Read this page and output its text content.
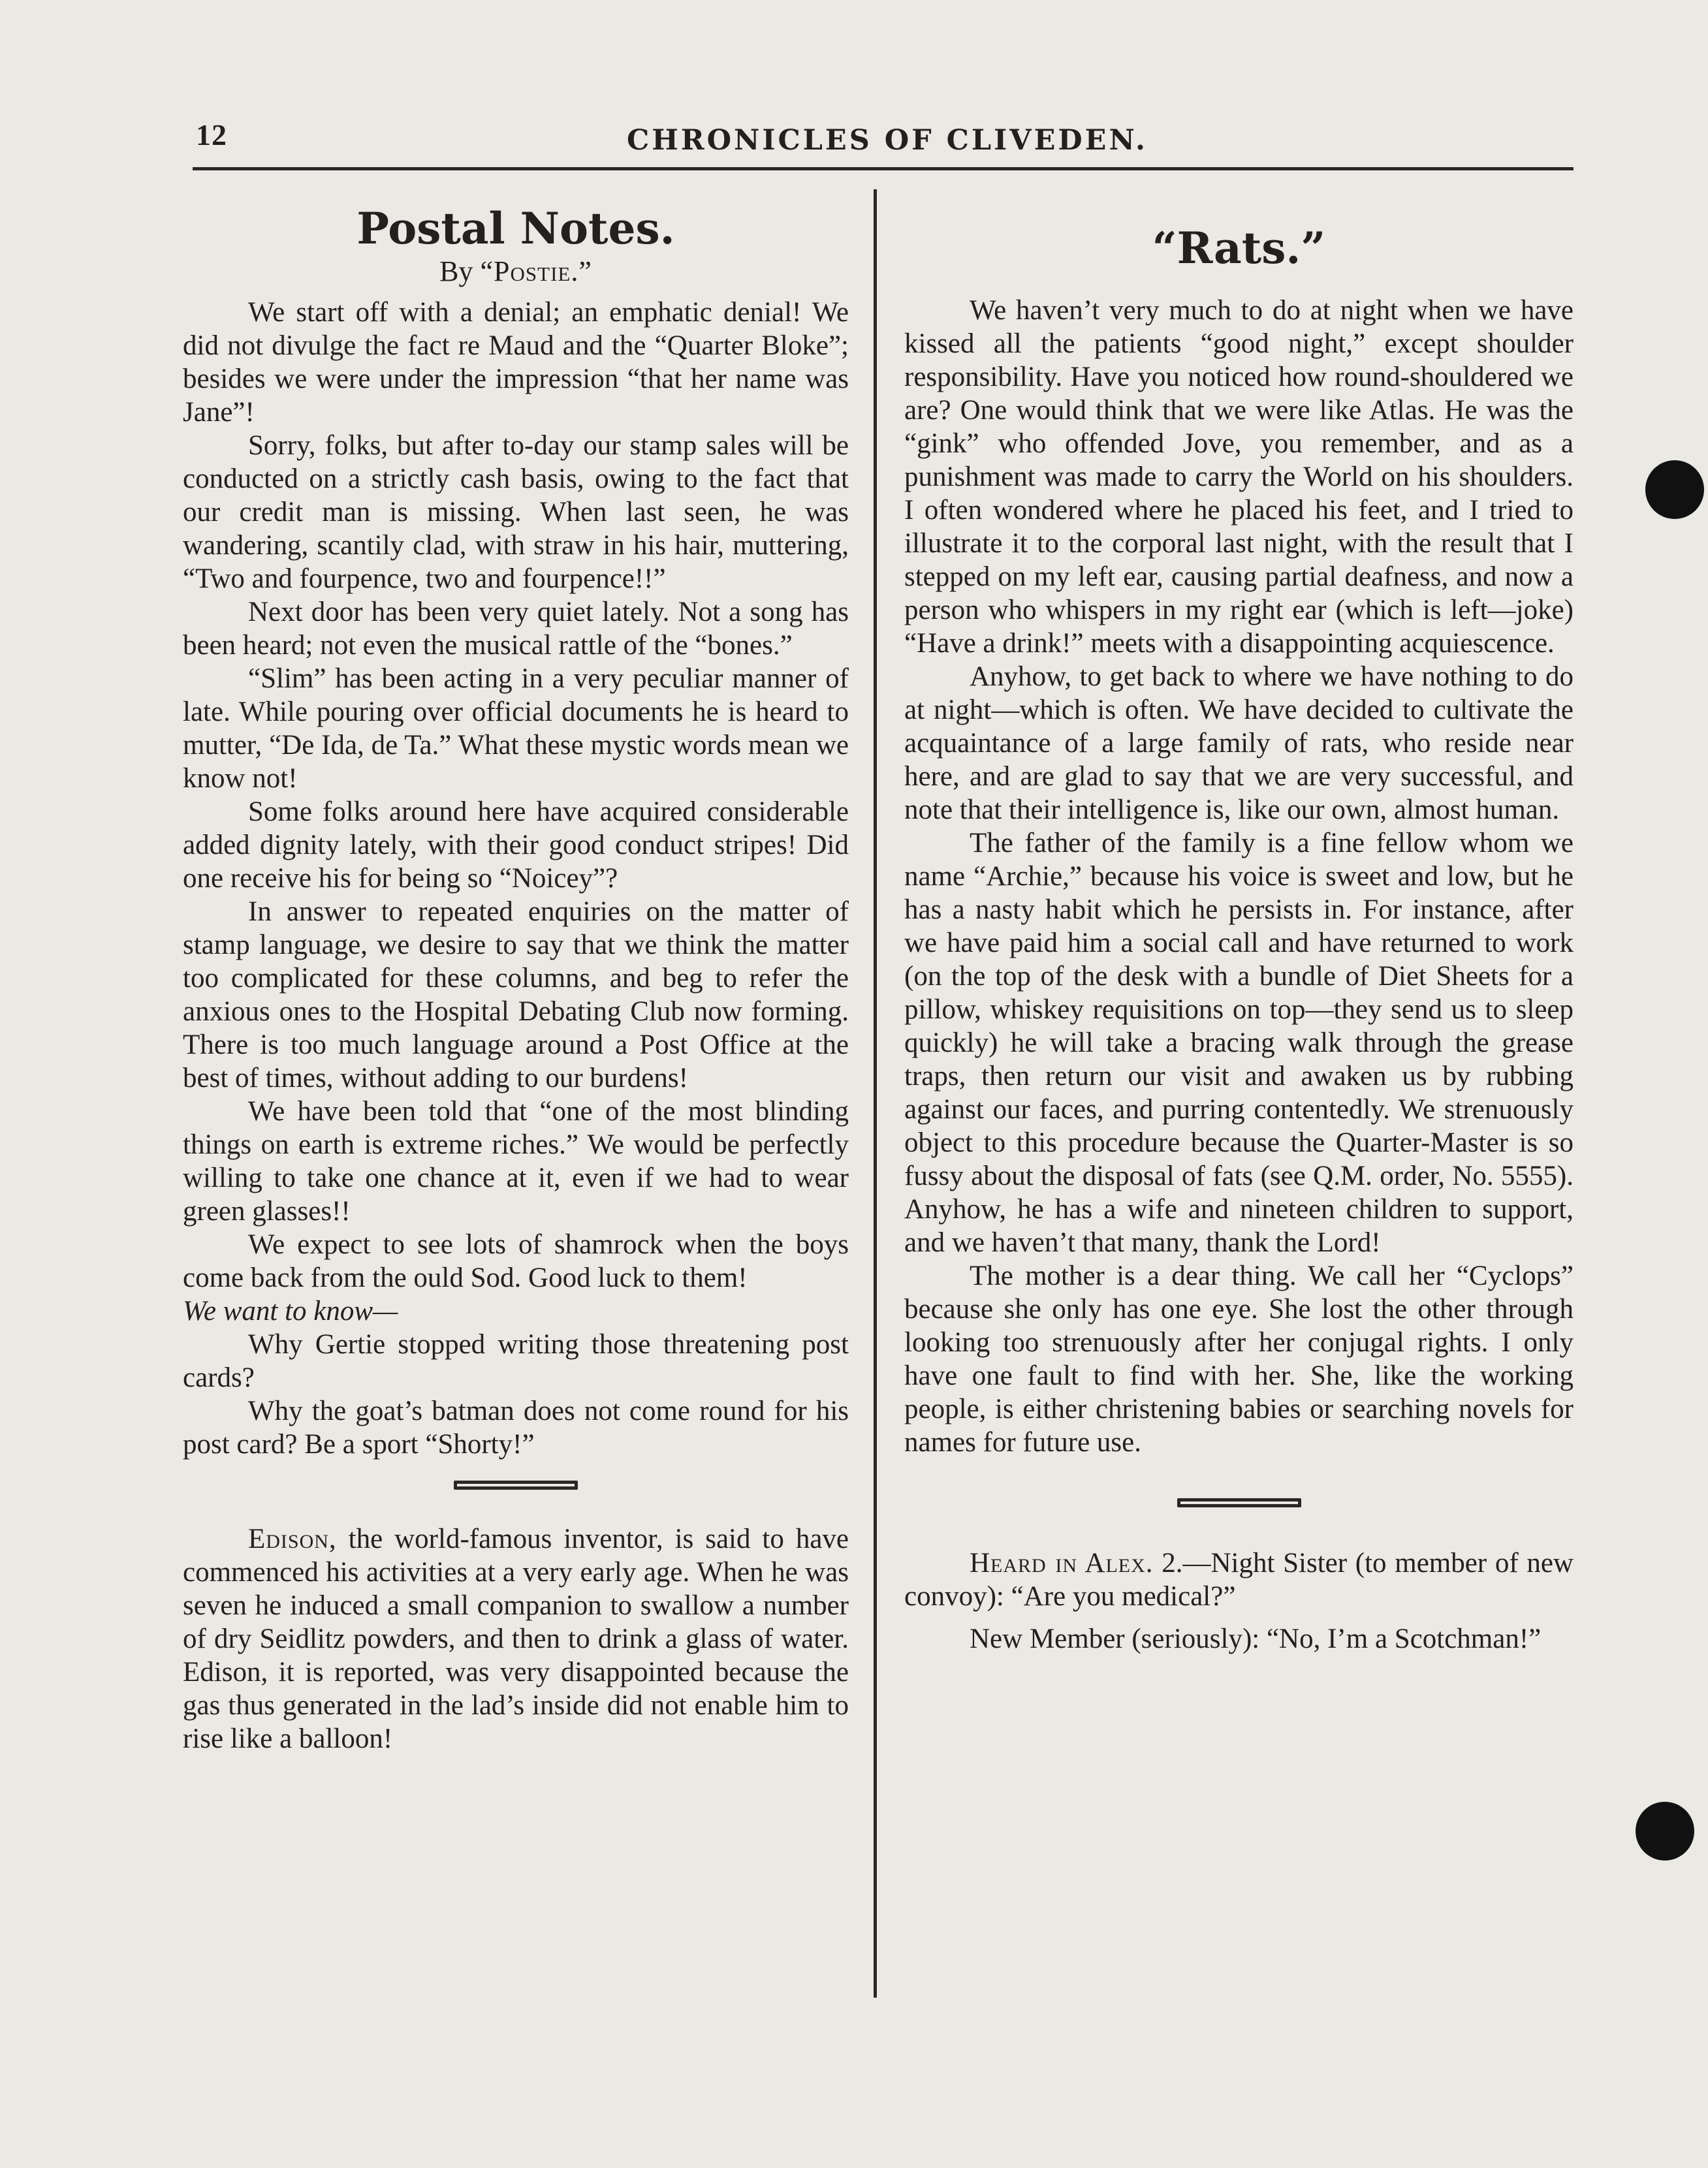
12	CHRONICLES OF CLIVEDEN.
Postal Notes.
By “Postie.”

We start off with a denial; an emphatic denial! We did not divulge the fact re Maud and the “Quarter Bloke”; besides we were under the impression “that her name was Jane”!

Sorry, folks, but after to-day our stamp sales will be conducted on a strictly cash basis, owing to the fact that our credit man is missing. When last seen, he was wandering, scantily clad, with straw in his hair, muttering, “Two and fourpence, two and fourpence!!”

Next door has been very quiet lately. Not a song has been heard; not even the musical rattle of the “bones.”

“Slim” has been acting in a very peculiar manner of late. While pouring over official documents he is heard to mutter, “De Ida, de Ta.” What these mystic words mean we know not!

Some folks around here have acquired considerable added dignity lately, with their good conduct stripes! Did one receive his for being so “Noicey”?

In answer to repeated enquiries on the matter of stamp language, we desire to say that we think the matter too complicated for these columns, and beg to refer the anxious ones to the Hospital Debating Club now forming. There is too much language around a Post Office at the best of times, without adding to our burdens!

We have been told that “one of the most blinding things on earth is extreme riches.” We would be perfectly willing to take one chance at it, even if we had to wear green glasses!!

We expect to see lots of shamrock when the boys come back from the ould Sod. Good luck to them!

We want to know—

Why Gertie stopped writing those threatening post cards?

Why the goat’s batman does not come round for his post card? Be a sport “Shorty!”

Edison, the world-famous inventor, is said to have commenced his activities at a very early age. When he was seven he induced a small companion to swallow a number of dry Seidlitz powders, and then to drink a glass of water. Edison, it is reported, was very disappointed because the gas thus generated in the lad’s inside did not enable him to rise like a balloon!

“Rats.”

We haven’t very much to do at night when we have kissed all the patients “good night,” except shoulder responsibility. Have you noticed how round-shouldered we are? One would think that we were like Atlas. He was the “gink” who offended Jove, you remember, and as a punishment was made to carry the World on his shoulders. I often wondered where he placed his feet, and I tried to illustrate it to the corporal last night, with the result that I stepped on my left ear, causing partial deafness, and now a person who whispers in my right ear (which is left—joke) “Have a drink!” meets with a disappointing acquiescence.

Anyhow, to get back to where we have nothing to do at night—which is often. We have decided to cultivate the acquaintance of a large family of rats, who reside near here, and are glad to say that we are very successful, and note that their intelligence is, like our own, almost human.

The father of the family is a fine fellow whom we name “Archie,” because his voice is sweet and low, but he has a nasty habit which he persists in. For instance, after we have paid him a social call and have returned to work (on the top of the desk with a bundle of Diet Sheets for a pillow, whiskey requisitions on top—they send us to sleep quickly) he will take a bracing walk through the grease traps, then return our visit and awaken us by rubbing against our faces, and purring contentedly. We strenuously object to this procedure because the Quarter-Master is so fussy about the disposal of fats (see Q.M. order, No. 5555). Anyhow, he has a wife and nineteen children to support, and we haven’t that many, thank the Lord!

The mother is a dear thing. We call her “Cyclops” because she only has one eye. She lost the other through looking too strenuously after her conjugal rights. I only have one fault to find with her. She, like the working people, is either christening babies or searching novels for names for future use.

Heard in Alex. 2.—Night Sister (to member of new convoy): “Are you medical?”

New Member (seriously): “No, I’m a Scotchman!”
